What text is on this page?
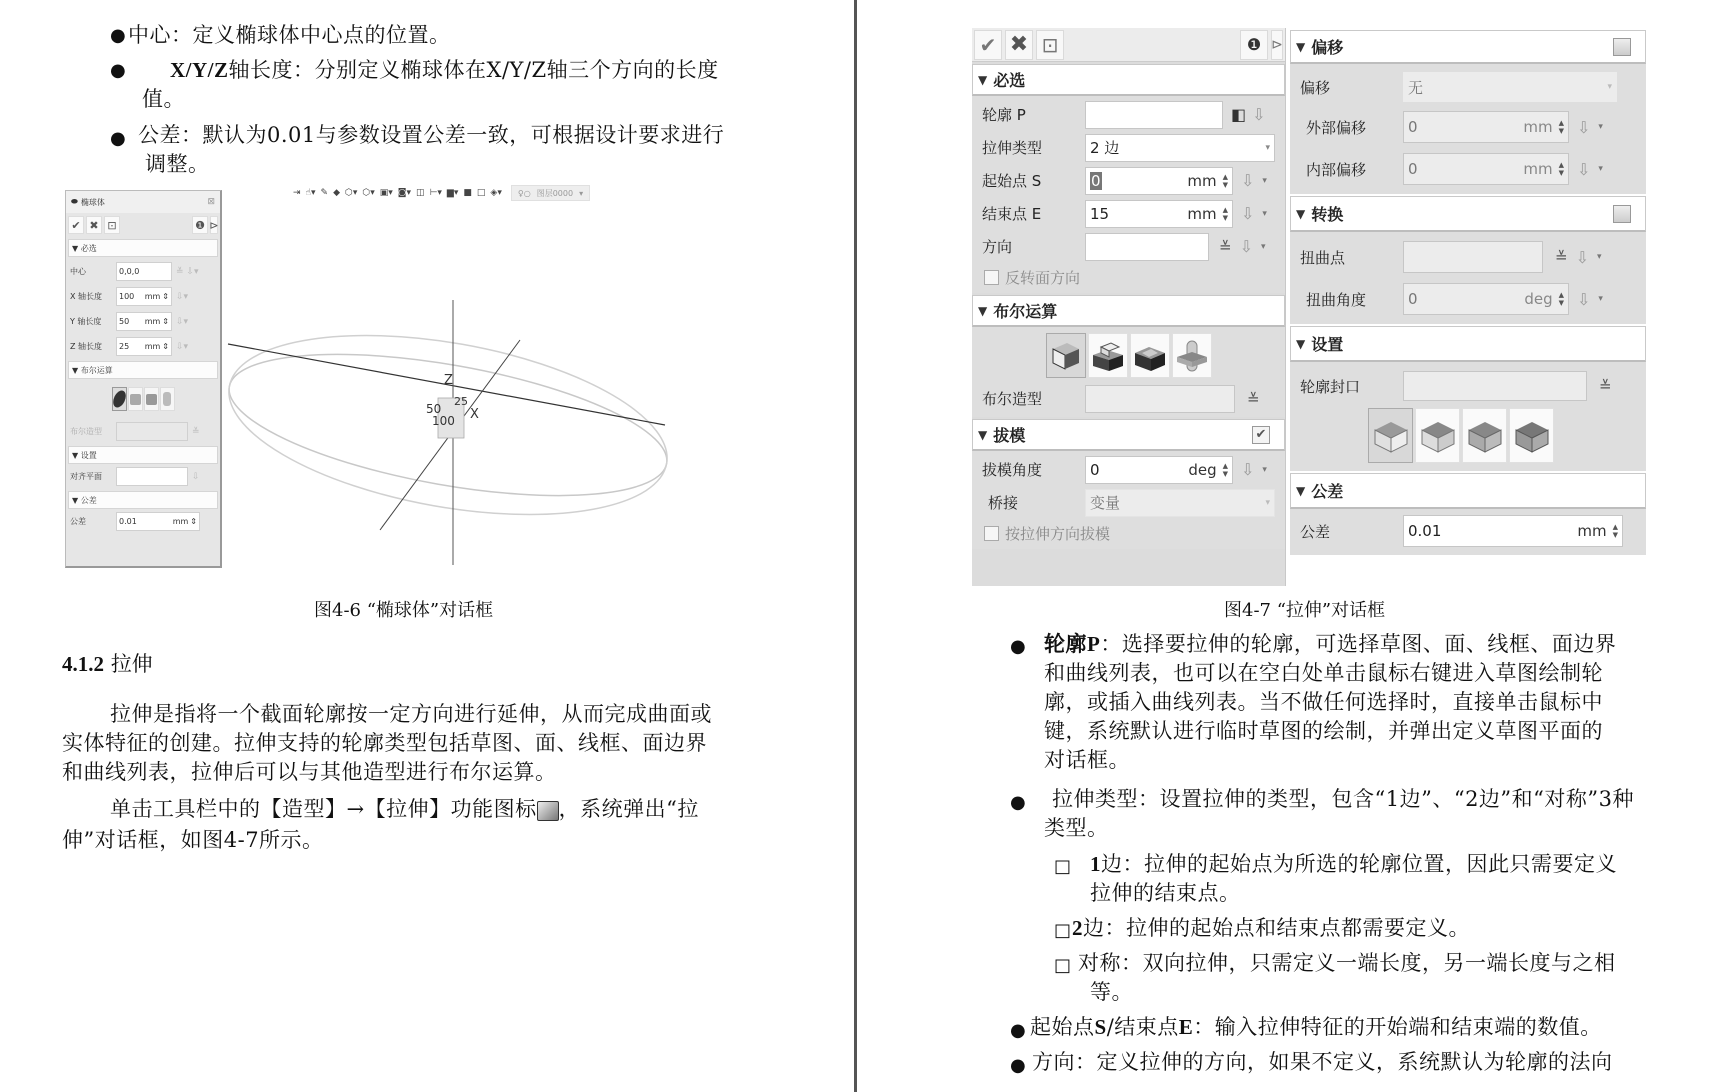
● 中心：定义椭球体中心点的位置。
● X/Y/Z轴长度：分别定义椭球体在X/Y/Z轴三个方向的长度
值。
● 公差：默认为0.01与参数设置公差一致，可根据设计要求进行
调整。
⬬ 椭球体	⊠
✔ ✖ ⊡	❶ ⊳
▼ 必选
中心	0,0,0	≚ ⇩▾
X 轴长度	100 mm ⇕ ⇩▾
Y 轴长度	50 mm ⇕ ⇩▾
Z 轴长度	25 mm ⇕ ⇩▾
▼ 布尔运算
布尔造型	≚
▼ 设置
对齐平面	⇩
▼ 公差
公差	0.01	mm ⇕
⇥ ☝▾ ✎ ◆ ⬡▾ ⬡▾ ▣▾ ◙▾ ◫ ⊢▾ ▆▾ ■ □ ◈▾ ♀○ 图层0000 ▾
Z
50
100
25
X
图4-6 “椭球体”对话框
4.1.2 拉伸
拉伸是指将一个截面轮廓按一定方向进行延伸，从而完成曲面或
实体特征的创建。拉伸支持的轮廓类型包括草图、面、线框、面边界
和曲线列表，拉伸后可以与其他造型进行布尔运算。
单击工具栏中的【造型】→【拉伸】功能图标 ，系统弹出“拉
伸”对话框，如图4-7所示。
✔ ✖ ⊡	❶ ⊳
▼ 必选
轮廓 P	◧ ⇩
拉伸类型	2 边	▾
起始点 S	0	mm ▲
▼ ⇩ ▾
结束点 E	15	mm ▲
▼ ⇩ ▾
方向	≚ ⇩ ▾
反转面方向
▼ 布尔运算
布尔造型	≚
▼ 拔模	✔
拔模角度	0	deg ▲
▼ ⇩ ▾
桥接	变量	▾
按拉伸方向拔模
▼ 偏移
偏移	无	▾
外部偏移	0	mm ▲
▼ ⇩ ▾
内部偏移	0	mm ▲
▼ ⇩ ▾
▼ 转换
扭曲点	≚ ⇩ ▾
扭曲角度	0	deg ▲
▼ ⇩ ▾
▼ 设置
轮廓封口	≚
▼ 公差
公差	0.01	mm ▲
▼
图4-7 “拉伸”对话框
● 轮廓P：选择要拉伸的轮廓，可选择草图、面、线框、面边界
和曲线列表，也可以在空白处单击鼠标右键进入草图绘制轮
廓，或插入曲线列表。当不做任何选择时，直接单击鼠标中
键，系统默认进行临时草图的绘制，并弹出定义草图平面的
对话框。
● 拉伸类型：设置拉伸的类型，包含“1边”、“2边”和“对称”3种
类型。
□ 1边：拉伸的起始点为所选的轮廓位置，因此只需要定义
拉伸的结束点。
□ 2边：拉伸的起始点和结束点都需要定义。
□ 对称：双向拉伸，只需定义一端长度，另一端长度与之相
等。
● 起始点S/结束点E：输入拉伸特征的开始端和结束端的数值。
● 方向：定义拉伸的方向，如果不定义，系统默认为轮廓的法向
